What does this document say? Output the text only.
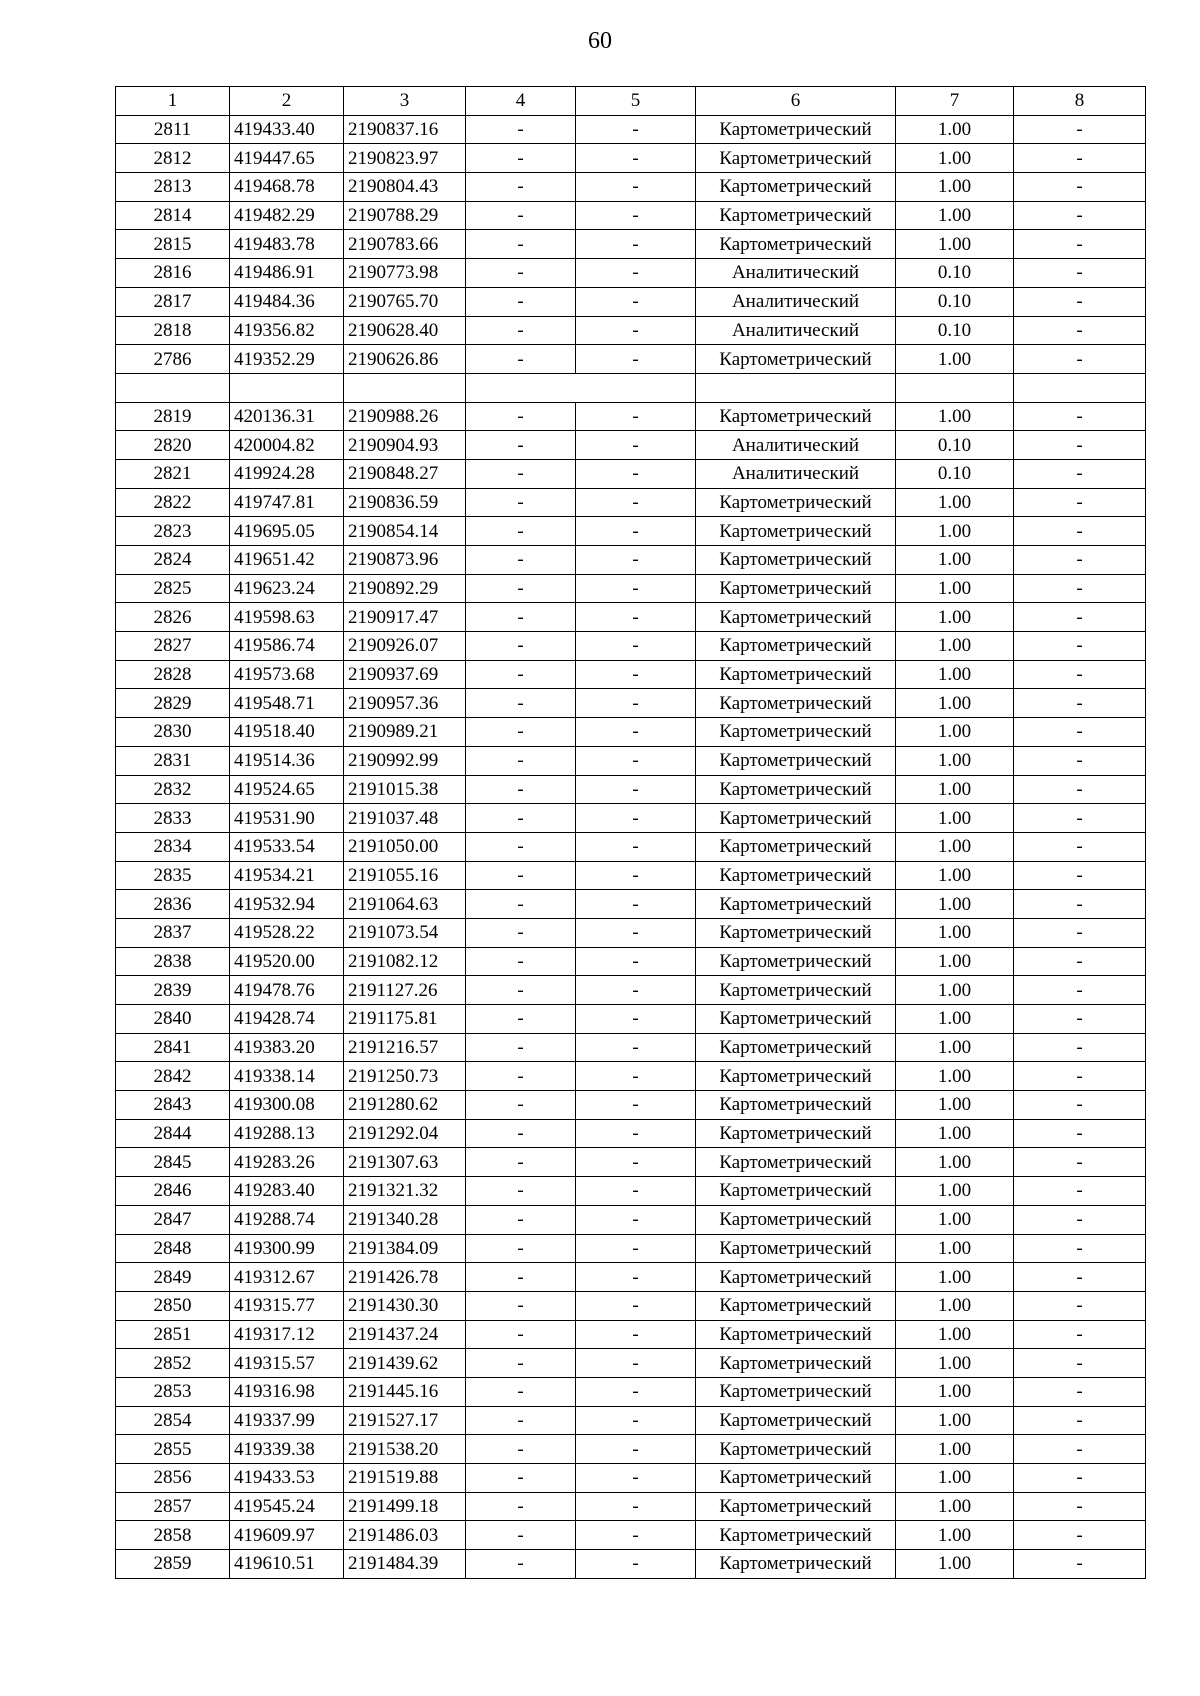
60
1	2	3	4	5	6	7	8
2811	419433.40	2190837.16	-	-	Картометрический	1.00	-
2812	419447.65	2190823.97	-	-	Картометрический	1.00	-
2813	419468.78	2190804.43	-	-	Картометрический	1.00	-
2814	419482.29	2190788.29	-	-	Картометрический	1.00	-
2815	419483.78	2190783.66	-	-	Картометрический	1.00	-
2816	419486.91	2190773.98	-	-	Аналитический	0.10	-
2817	419484.36	2190765.70	-	-	Аналитический	0.10	-
2818	419356.82	2190628.40	-	-	Аналитический	0.10	-
2786	419352.29	2190626.86	-	-	Картометрический	1.00	-

2819	420136.31	2190988.26	-	-	Картометрический	1.00	-
2820	420004.82	2190904.93	-	-	Аналитический	0.10	-
2821	419924.28	2190848.27	-	-	Аналитический	0.10	-
2822	419747.81	2190836.59	-	-	Картометрический	1.00	-
2823	419695.05	2190854.14	-	-	Картометрический	1.00	-
2824	419651.42	2190873.96	-	-	Картометрический	1.00	-
2825	419623.24	2190892.29	-	-	Картометрический	1.00	-
2826	419598.63	2190917.47	-	-	Картометрический	1.00	-
2827	419586.74	2190926.07	-	-	Картометрический	1.00	-
2828	419573.68	2190937.69	-	-	Картометрический	1.00	-
2829	419548.71	2190957.36	-	-	Картометрический	1.00	-
2830	419518.40	2190989.21	-	-	Картометрический	1.00	-
2831	419514.36	2190992.99	-	-	Картометрический	1.00	-
2832	419524.65	2191015.38	-	-	Картометрический	1.00	-
2833	419531.90	2191037.48	-	-	Картометрический	1.00	-
2834	419533.54	2191050.00	-	-	Картометрический	1.00	-
2835	419534.21	2191055.16	-	-	Картометрический	1.00	-
2836	419532.94	2191064.63	-	-	Картометрический	1.00	-
2837	419528.22	2191073.54	-	-	Картометрический	1.00	-
2838	419520.00	2191082.12	-	-	Картометрический	1.00	-
2839	419478.76	2191127.26	-	-	Картометрический	1.00	-
2840	419428.74	2191175.81	-	-	Картометрический	1.00	-
2841	419383.20	2191216.57	-	-	Картометрический	1.00	-
2842	419338.14	2191250.73	-	-	Картометрический	1.00	-
2843	419300.08	2191280.62	-	-	Картометрический	1.00	-
2844	419288.13	2191292.04	-	-	Картометрический	1.00	-
2845	419283.26	2191307.63	-	-	Картометрический	1.00	-
2846	419283.40	2191321.32	-	-	Картометрический	1.00	-
2847	419288.74	2191340.28	-	-	Картометрический	1.00	-
2848	419300.99	2191384.09	-	-	Картометрический	1.00	-
2849	419312.67	2191426.78	-	-	Картометрический	1.00	-
2850	419315.77	2191430.30	-	-	Картометрический	1.00	-
2851	419317.12	2191437.24	-	-	Картометрический	1.00	-
2852	419315.57	2191439.62	-	-	Картометрический	1.00	-
2853	419316.98	2191445.16	-	-	Картометрический	1.00	-
2854	419337.99	2191527.17	-	-	Картометрический	1.00	-
2855	419339.38	2191538.20	-	-	Картометрический	1.00	-
2856	419433.53	2191519.88	-	-	Картометрический	1.00	-
2857	419545.24	2191499.18	-	-	Картометрический	1.00	-
2858	419609.97	2191486.03	-	-	Картометрический	1.00	-
2859	419610.51	2191484.39	-	-	Картометрический	1.00	-
